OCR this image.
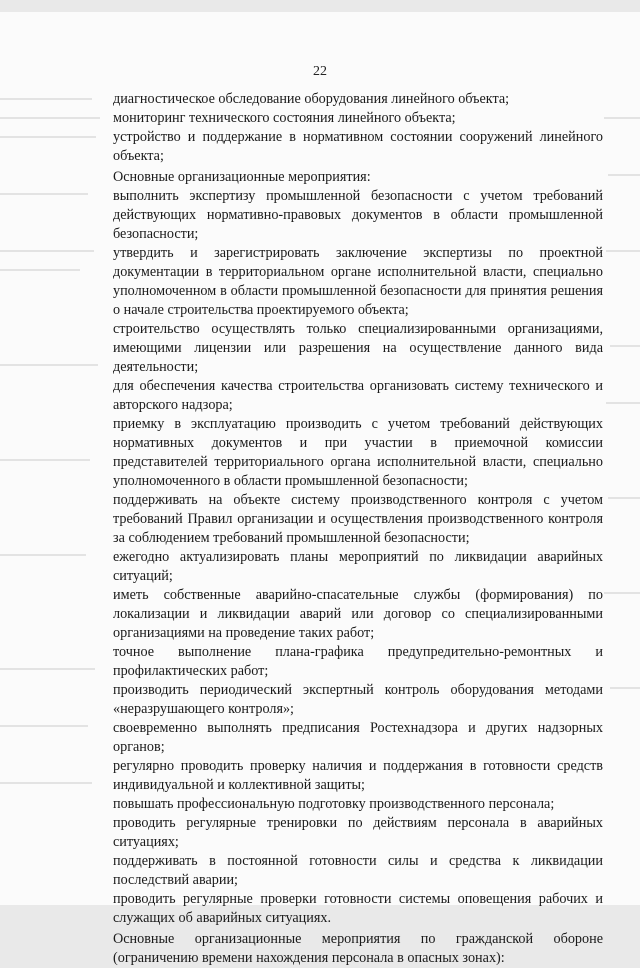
22

диагностическое обследование оборудования линейного объекта;

мониторинг технического состояния линейного объекта;

устройство и поддержание в нормативном состоянии сооружений линейного объекта;

Основные организационные мероприятия:

выполнить экспертизу промышленной безопасности с учетом требований действующих нормативно-правовых документов в области промышленной безопасности;

утвердить и зарегистрировать заключение экспертизы по проектной документации в территориальном органе исполнительной власти, специально уполномоченном в области промышленной безопасности для принятия решения о начале строительства проектируемого объекта;

строительство осуществлять только специализированными организациями, имеющими лицензии или разрешения на осуществление данного вида деятельности;

для обеспечения качества строительства организовать систему технического и авторского надзора;

приемку в эксплуатацию производить с учетом требований действующих нормативных документов и при участии в приемочной комиссии представителей территориального органа исполнительной власти, специально уполномоченного в области промышленной безопасности;

поддерживать на объекте систему производственного контроля с учетом требований Правил организации и осуществления производственного контроля за соблюдением требований промышленной безопасности;

ежегодно актуализировать планы мероприятий по ликвидации аварийных ситуаций;

иметь собственные аварийно-спасательные службы (формирования) по локализации и ликвидации аварий или договор со специализированными организациями на проведение таких работ;

точное выполнение плана-графика предупредительно-ремонтных и профилактических работ;

производить периодический экспертный контроль оборудования методами «неразрушающего контроля»;

своевременно выполнять предписания Ростехнадзора и других надзорных органов;

регулярно проводить проверку наличия и поддержания в готовности средств индивидуальной и коллективной защиты;

повышать профессиональную подготовку производственного персонала;

проводить регулярные тренировки по действиям персонала в аварийных ситуациях;

поддерживать в постоянной готовности силы и средства к ликвидации последствий аварии;

проводить регулярные проверки готовности системы оповещения рабочих и служащих об аварийных ситуациях.

Основные организационные мероприятия по гражданской обороне (ограничению времени нахождения персонала в опасных зонах):
